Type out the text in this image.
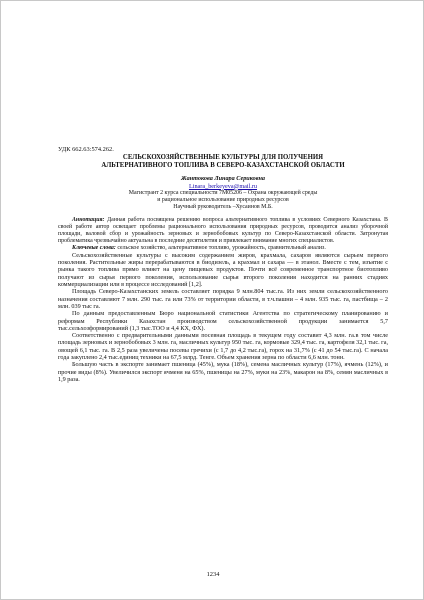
УДК 662.63:574.262.

СЕЛЬСКОХОЗЯЙСТВЕННЫЕ КУЛЬТУРЫ ДЛЯ ПОЛУЧЕНИЯ

АЛЬТЕРНАТИВНОГО ТОПЛИВА В СЕВЕРО-КАЗАХСТАНСКОЙ ОБЛАСТИ

Жантокова Линара Сериковна

Linara_berkeyeva@mail.ru

Магистрант 2 курса специальности 7М05206 – Охрана окружающей среды

и рациональное использование природных ресурсов

Научный руководитель –Хусаинов М.Б.

Аннотация: Данная работа посвящена решению вопроса альтернативного топлива в условиях Северного Казахстана. В своей работе автор освещает проблемы рационального использования природных ресурсов, проводится анализ уборочной площади, валовой сбор и урожайность зерновых и зернобобовых культур по Северо-Казахстанской области. Затронутая проблематика чрезвычайно актуальна в последние десятилетия и привлекает внимание многих специалистов.

Ключевые слова: сельское хозяйство, альтернативное топливо, урожайность, сравнительный анализ.

Сельскохозяйственные культуры с высоким содержанием жиров, крахмала, сахаров являются сырьем первого поколения. Растительные жиры перерабатываются в биодизель, а крахмал и сахара — в этанол. Вместе с тем, изъятие с рынка такого топлива прямо влияет на цену пищевых продуктов. Почти всё современное транспортное биотопливо получают из сырья первого поколения, использование сырья второго поколения находится на ранних стадиях коммерциализации или в процессе исследований [1,2].

Площадь Северо-Казахстанских земель составляет порядка 9 млн.804 тыс.га. Из них земли сельскохозяйственного назначения составляют 7 млн. 290 тыс. га или 73% от территории области, в т.ч.пашни – 4 млн. 935 тыс. га, пастбища – 2 млн. 039 тыс га.

По данным предоставленным Бюро национальной статистики Агентства по стратегическому планированию и реформам Республики Казахстан производством сельскохозяйственной продукции занимается 5,7 тыс.сельхозформирований (1,3 тыс.ТОО и 4,4 КХ, ФХ).

Соответственно с предварительными данными посевная площадь в текущем году составит 4,3 млн. га.в том числе площадь зерновых и зернобобовых 3 млн. га, масличных культур 950 тыс. га, кормовые 329,4 тыс. га, картофеля 32,1 тыс. га, овощей 6,1 тыс. га. В 2,5 раза увеличены посевы гречихи (с 1,7 до 4,2 тыс.га), горох на 31,7% (с 41 до 54 тыс.га). С начала года закуплено 2,4 тыс.единиц техники на 67,5 млрд. Тенге. Объем хранения зерна по области 6,6 млн. тонн.

Большую часть в экспорте занимает пшеница (45%), мука (18%), семена масличных культур (17%), ячмень (12%), и прочие виды (8%). Увеличился экспорт ячменя на 65%, пшеницы на 27%, муки на 23%, макарон на 8%, семян масличных в 1,9 раза.

1234
